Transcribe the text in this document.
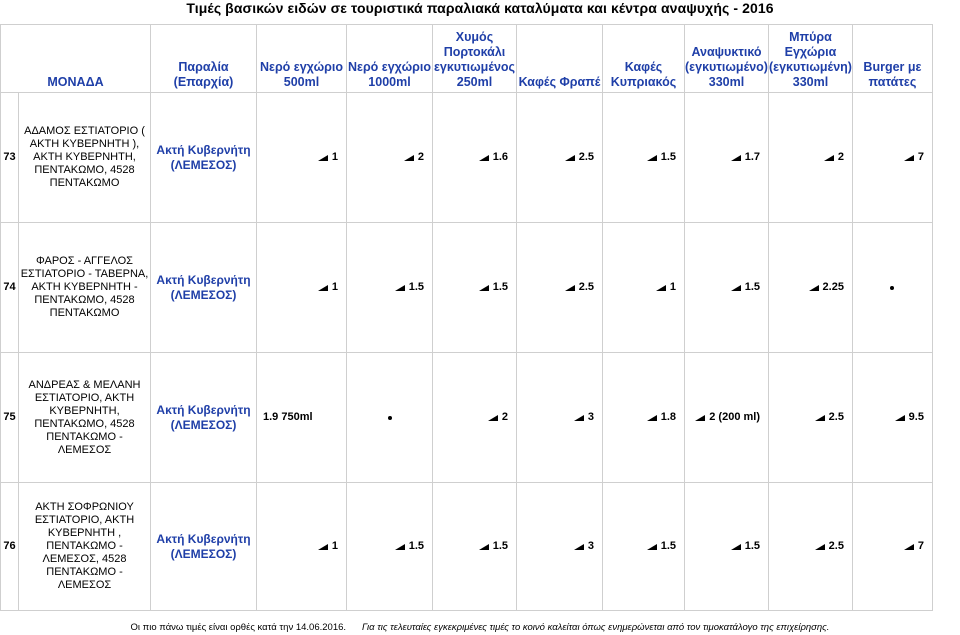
Τιμές βασικών ειδών σε τουριστικά παραλιακά καταλύματα και κέντρα αναψυχής - 2016
ΜΟΝΑΔΑ		Παραλία (Επαρχία)	Νερό εγχώριο 500ml	Νερό εγχώριο 1000ml	Χυμός Πορτοκάλι εγκυτιωμένος 250ml	Καφές Φραπέ	Καφές Κυπριακός	Αναψυκτικό (εγκυτιωμένο) 330ml	Μπύρα Εγχώρια (εγκυτιωμένη) 330ml	Burger με πατάτες
73	ΑΔΑΜΟΣ ΕΣΤΙΑΤΟΡΙΟ ( ΑΚΤΗ ΚΥΒΕΡΝΗΤΗ ), ΑΚΤΗ ΚΥΒΕΡΝΗΤΗ, ΠΕΝΤΑΚΩΜΟ, 4528 ΠΕΝΤΑΚΩΜΟ	Ακτή Κυβερνήτη (ΛΕΜΕΣΟΣ)	1	2	1.6	2.5	1.5	1.7	2	7

74	ΦΑΡΟΣ - ΑΓΓΕΛΟΣ ΕΣΤΙΑΤΟΡΙΟ - ΤΑΒΕΡΝΑ, ΑΚΤΗ ΚΥΒΕΡΝΗΤΗ - ΠΕΝΤΑΚΩΜΟ, 4528 ΠΕΝΤΑΚΩΜΟ	Ακτή Κυβερνήτη (ΛΕΜΕΣΟΣ)	1	1.5	1.5	2.5	1	1.5	2.25	

75	ΑΝΔΡΕΑΣ & ΜΕΛΑΝΗ ΕΣΤΙΑΤΟΡΙΟ, ΑΚΤΗ ΚΥΒΕΡΝΗΤΗ, ΠΕΝΤΑΚΩΜΟ, 4528 ΠΕΝΤΑΚΩΜΟ - ΛΕΜΕΣΟΣ	Ακτή Κυβερνήτη (ΛΕΜΕΣΟΣ)	1.9 750ml		2	3	1.8	2 (200 ml)	2.5	9.5

76	ΑΚΤΗ ΣΟΦΡΩΝΙΟΥ ΕΣΤΙΑΤΟΡΙΟ, ΑΚΤΗ ΚΥΒΕΡΝΗΤΗ , ΠΕΝΤΑΚΩΜΟ - ΛΕΜΕΣΟΣ, 4528 ΠΕΝΤΑΚΩΜΟ - ΛΕΜΕΣΟΣ	Ακτή Κυβερνήτη (ΛΕΜΕΣΟΣ)	1	1.5	1.5	3	1.5	1.5	2.5	7
Οι πιο πάνω τιμές είναι ορθές κατά την 14.06.2016. Για τις τελευταίες εγκεκριμένες τιμές το κοινό καλείται όπως ενημερώνεται από τον τιμοκατάλογο της επιχείρησης.
